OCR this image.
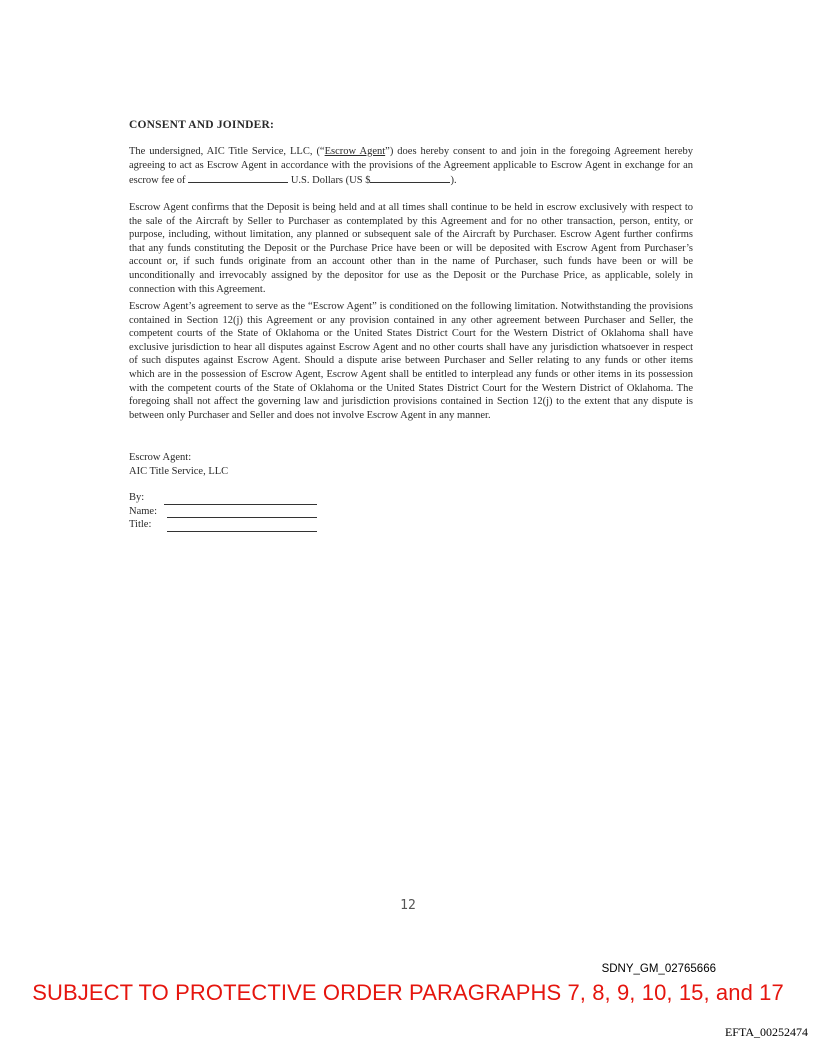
CONSENT AND JOINDER:
The undersigned, AIC Title Service, LLC, (“Escrow Agent”) does hereby consent to and join in the foregoing Agreement hereby agreeing to act as Escrow Agent in accordance with the provisions of the Agreement applicable to Escrow Agent in exchange for an escrow fee of	U.S. Dollars (US $	).
Escrow Agent confirms that the Deposit is being held and at all times shall continue to be held in escrow exclusively with respect to the sale of the Aircraft by Seller to Purchaser as contemplated by this Agreement and for no other transaction, person, entity, or purpose, including, without limitation, any planned or subsequent sale of the Aircraft by Purchaser. Escrow Agent further confirms that any funds constituting the Deposit or the Purchase Price have been or will be deposited with Escrow Agent from Purchaser’s account or, if such funds originate from an account other than in the name of Purchaser, such funds have been or will be unconditionally and irrevocably assigned by the depositor for use as the Deposit or the Purchase Price, as applicable, solely in connection with this Agreement.
Escrow Agent’s agreement to serve as the “Escrow Agent” is conditioned on the following limitation. Notwithstanding the provisions contained in Section 12(j) this Agreement or any provision contained in any other agreement between Purchaser and Seller, the competent courts of the State of Oklahoma or the United States District Court for the Western District of Oklahoma shall have exclusive jurisdiction to hear all disputes against Escrow Agent and no other courts shall have any jurisdiction whatsoever in respect of such disputes against Escrow Agent. Should a dispute arise between Purchaser and Seller relating to any funds or other items which are in the possession of Escrow Agent, Escrow Agent shall be entitled to interplead any funds or other items in its possession with the competent courts of the State of Oklahoma or the United States District Court for the Western District of Oklahoma. The foregoing shall not affect the governing law and jurisdiction provisions contained in Section 12(j) to the extent that any dispute is between only Purchaser and Seller and does not involve Escrow Agent in any manner.
Escrow Agent:
AIC Title Service, LLC
By:
Name:
Title:
12
SDNY_GM_02765666
SUBJECT TO PROTECTIVE ORDER PARAGRAPHS 7, 8, 9, 10, 15, and 17
EFTA_00252474
